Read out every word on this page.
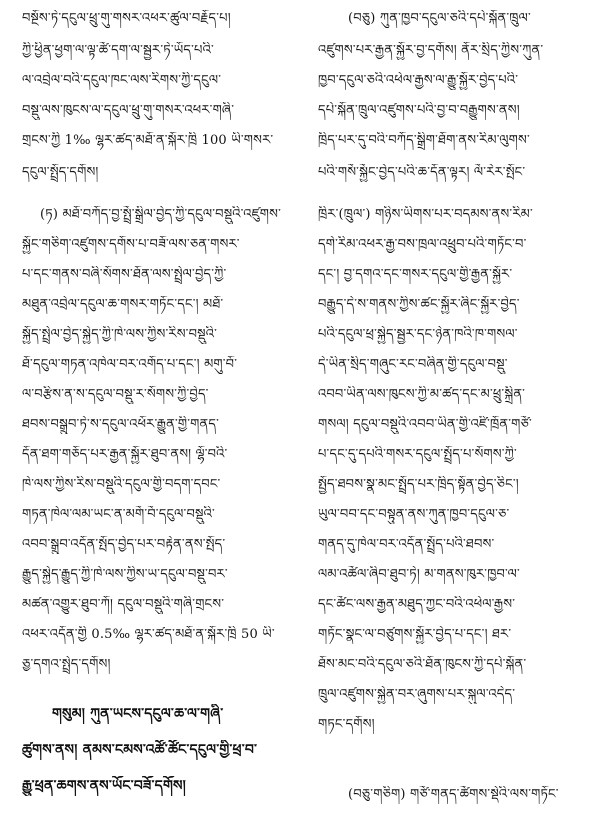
བསྔོས་ཏེ་དངུལ་ཕྲུ་གུ་གསར་འཕར་ཚུལ་བརྗོད་པ།
ཀྱི་ཕྱིན་ཕྱག་ལ་ལྟ་ཚོ་དག་ལ་སྦྱར་ཏེ་ཡོད་པའི་
ལ་འབྲེལ་བའི་དངུལ་ཁང་ལས་རིགས་ཀྱི་དངུལ་
བསྡུ་ལས་ཁུངས་ལ་དངུལ་ཕྲུ་གུ་གསར་འཕར་གཞི་
གྲངས་ཀྱི 1‰ ལྷར་ཚད་མཐོ་ན་སྐོར་ཁྲི 100 ཡི་གསར་
དངུལ་སྤྲོད་དགོས།
(ཏ) མཐོ་བཀོད་བྱ་སྤྲོ་སྒྲིལ་བྱེད་ཀྱི་དངུལ་བསྡུའི་འཛུགས་
སྐྱོང་གཅིག་འཛུགས་དགོས་པ་བཟོ་ལས་ཅན་གསར་
པ་དང་གནས་བཞི་སོགས་ཐོན་ལས་སྤྲེལ་བྱེད་ཀྱི་
མཐུན་འབྲེལ་དངུལ་ཆ་གསར་གཏོང་དང་། མཐོ་
སྐྱོད་སྤྲེལ་བྱེད་སྐྱེད་ཀྱི་ཁེ་ལས་ཀྱིས་རིས་བསྡུའི་
ཐོ་དངུལ་གཏན་འཁེལ་བར་འགོད་པ་དང་། མགུ་བོ་
ལ་བརྩིས་ན་ས་དངུལ་བསྡུ་ར་སོགས་ཀྱི་བྱེད་
ཐབས་བསྒྲུབ་ཏེ་ས་དངུལ་འཕོར་རྒྱུན་གྱི་གནད་
དོན་ཐག་གཅོད་པར་རྒྱན་སྐྱོར་ཐུབ་ནས། ལྷོ་བའི་
ཁེ་ལས་ཀྱིས་རིས་བསྡུའི་དངུལ་གྱི་བདག་དབང་
གཏན་ཁེལ་ལམ་ཡང་ན་མགོ་བོ་དངུལ་བསྡུའི་
འབབ་སྒྲུབ་འདོན་སྤོད་བྱེད་པར་བརྟེན་ནས་སྤོད་
རྒྱུད་སྐྱེད་རྒྱུད་ཀྱི་ཁེ་ལས་ཀྱིས་ཡ་དངུལ་བསྡུ་བར་
མཚན་འགྱུར་ཐུབ་ཀོ། དངུལ་བསྡུའི་གཞི་གྲངས་
འཕར་འདོན་གྱི 0.5‰ ལྷར་ཚད་མཐོ་ན་སྐོར་ཁྲི 50 ཡི་
ཅྱ་དགའ་སྤྲེད་དགོས།
གསུམ། ཀུན་ཡངས་དངུལ་ཆ་ལ་གཞི་
ཚུགས་ནས། ནམས་ངམས་འཚོ་ཚོང་དངུལ་གྱི་ཕྲ་བ་
རྒྱུ་ཕྲན་ཆགས་ནས་ཡོང་བཟོ་དགོས།
(བཅུ) ཀུན་ཁྱབ་དངུལ་ཅའི་དཔེ་སྐོན་ཁྲུལ་
འཛུགས་པར་རྒྱན་སྐྱོར་བྱ་དགོས། ནོར་སྲིད་ཀྱིས་ཀུན་
ཁྱབ་དངུལ་ཅའི་འཕེལ་རྒྱས་ལ་རྒྱུ་སྐྱོར་བྱེད་པའི་
དཔེ་སྐོན་ཁྲུལ་འཛུགས་པའི་བྱ་བ་བརྒྱུགས་ནས།
ཁྲིད་པར་དུ་བའི་བཀོད་སྒྲིག་ཐོག་ནས་རིམ་ལུགས་
པའི་གསོ་སྐྱོང་བྱེད་པའི་ཆ་དོན་ལྟར། ལོ་རེར་སྤོང་
ཁྲིར་(ཁྲུལ་) གཉིས་ཡིགས་པར་བདམས་ནས་རིམ་
དགེ་རིམ་འཕར་རྒྱ་བས་ཁྲལ་འཕྲུབ་པའི་གཏོང་བ་
དང་། བྱ་དགའ་དང་གསར་དངུལ་གྱི་རྒྱན་སྐྱོར་
བརྒྱུད་དེ་ས་གནས་ཀྱིས་ཚང་སྐྱོར་ཞིང་སྐྱོར་བྱེད་
པའི་དངུལ་ཕྲ་སྐྱེད་སྦྱར་དང་ཉེན་ཁའི་ཁ་གསལ་
དེ་ཡིན་སྲིད་གཞུང་རང་བཞིན་གྱི་དངུལ་བསྡུ་
འབབ་ཡིན་ལས་ཁུངས་ཀྱི་མ་ཚད་དང་མ་ཕྲུ་སྐྲིན་
གསལ། དངུལ་བསྡུའི་འབབ་ཡིན་གྱི་འཛི་ཁྲོན་གཙོ་
པ་དང་དུ་དཔའི་གསར་དངུལ་སྤྲོད་པ་སོགས་ཀྱི་
སྤྱོད་ཐབས་སྣ་མང་སྤྲོད་པར་ཁྲིད་སྟོན་བྱེད་ཅིང་།
ཡུལ་བབ་དང་བསྟུན་ནས་ཀུན་ཁྱབ་དངུལ་ཅ་
གནད་དུ་ཁེལ་བར་འདོན་སྤྲོད་པའི་ཐབས་
ལམ་འཚོལ་ཞིབ་ཐུབ་ཏེ། མ་གནས་ཁུར་ཁྱབ་ལ་
དང་ཚོང་ལས་རྒྱན་མཐུད་ཀྱང་བའི་འཕེལ་རྒྱས་
གཏོང་སྣང་ལ་བཙུགས་སྐྱོར་བྱེད་པ་དང་། ཐར་
ཐོས་མང་བའི་དངུལ་ཅའི་ཐོན་ཁུངས་ཀྱི་དཔེ་སྐོན་
ཁྲུལ་འཛུགས་སྐྱེན་བར་ཞུགས་པར་སྐུལ་འདེད་
གཏང་དགོས།
(བཅུ་གཅིག) གཙོ་གནད་ཚོགས་སྡེའི་ལས་གཏོང་
